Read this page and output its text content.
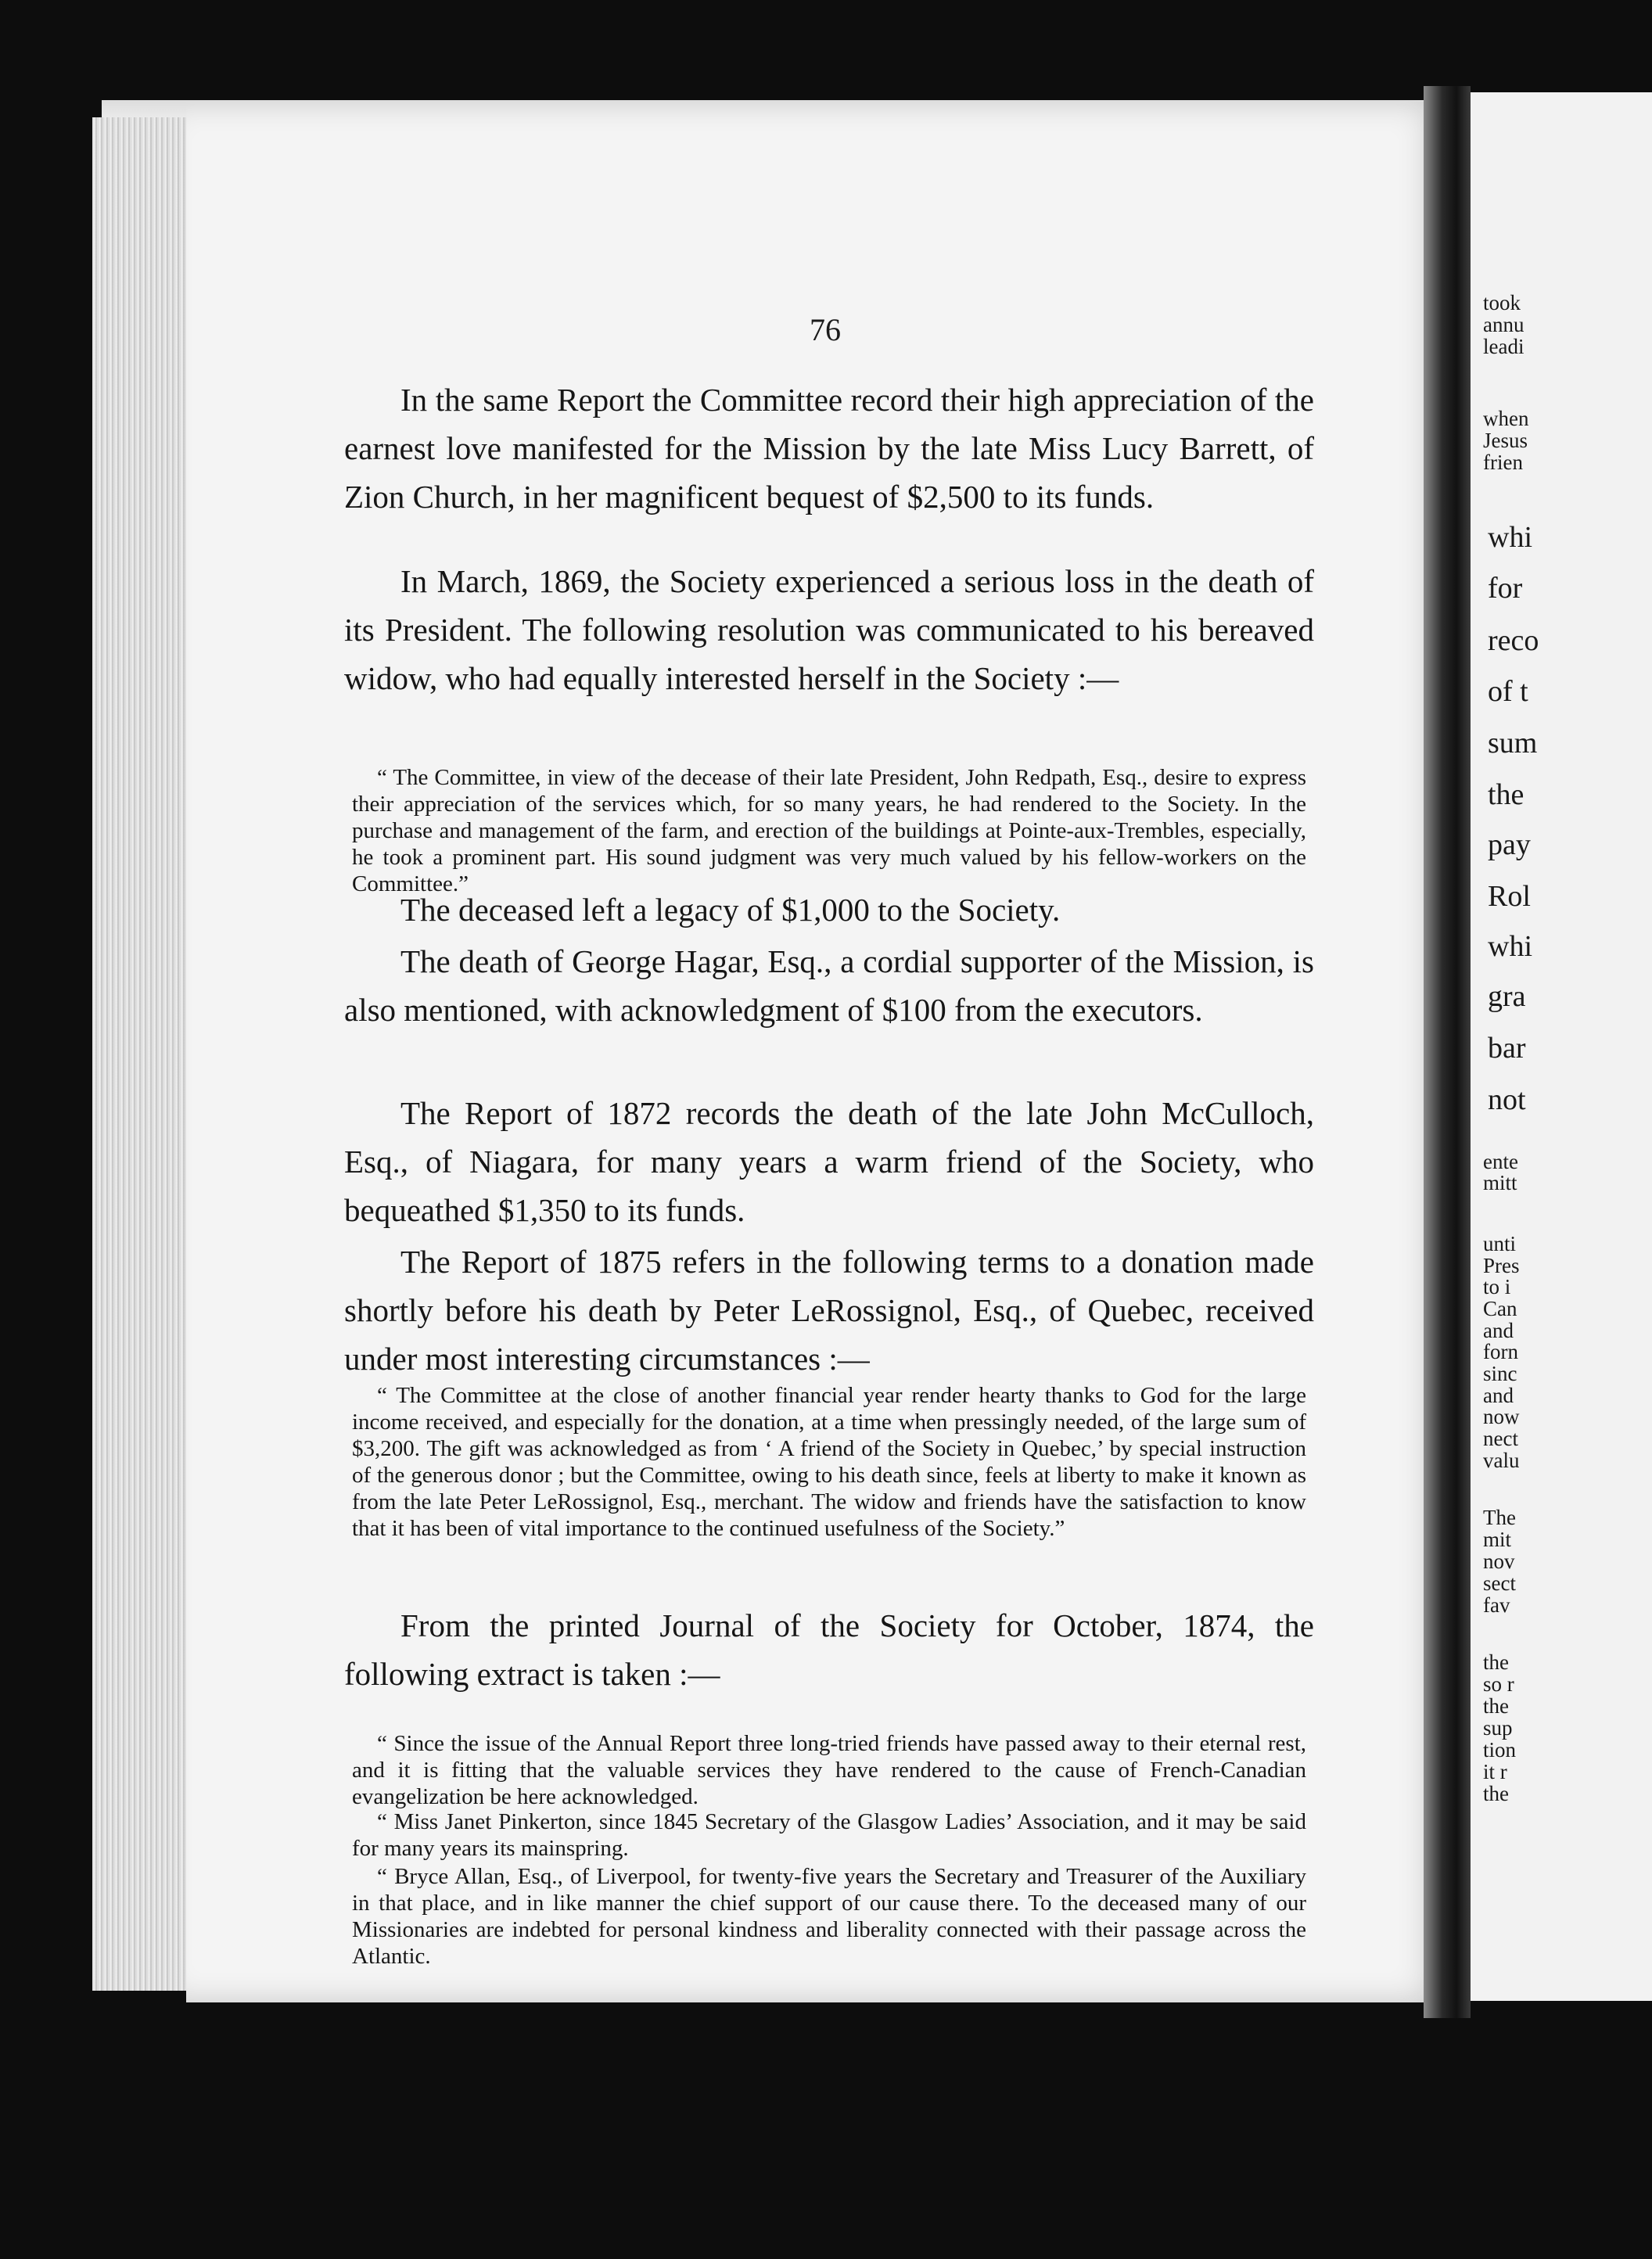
took
annu
leadi
when
Jesus
frien
whi
for
reco
of t
sum
the
pay
Rol
whi
gra
bar
not
ente
mitt
unti
Pres
to i
Can
and
forn
sinc
and
now
nect
valu
The
mit
nov
sect
fav
the
so r
the
sup
tion
it r
the
76

In the same Report the Committee record their high appreciation of the earnest love manifested for the Mission by the late Miss Lucy Barrett, of Zion Church, in her magnificent bequest of $2,500 to its funds.

In March, 1869, the Society experienced a serious loss in the death of its President. The following resolution was communicated to his bereaved widow, who had equally interested herself in the Society :—

“ The Committee, in view of the decease of their late President, John Redpath, Esq., desire to express their appreciation of the services which, for so many years, he had rendered to the Society. In the purchase and management of the farm, and erection of the buildings at Pointe-aux-Trembles, especially, he took a prominent part. His sound judgment was very much valued by his fellow-workers on the Committee.”

The deceased left a legacy of $1,000 to the Society.

The death of George Hagar, Esq., a cordial supporter of the Mission, is also mentioned, with acknowledgment of $100 from the executors.

The Report of 1872 records the death of the late John McCulloch, Esq., of Niagara, for many years a warm friend of the Society, who bequeathed $1,350 to its funds.

The Report of 1875 refers in the following terms to a donation made shortly before his death by Peter LeRossignol, Esq., of Quebec, received under most interesting circumstances :—

“ The Committee at the close of another financial year render hearty thanks to God for the large income received, and especially for the donation, at a time when pressingly needed, of the large sum of $3,200. The gift was acknowledged as from ‘ A friend of the Society in Quebec,’ by special instruction of the generous donor ; but the Committee, owing to his death since, feels at liberty to make it known as from the late Peter LeRossignol, Esq., merchant. The widow and friends have the satisfaction to know that it has been of vital importance to the continued usefulness of the Society.”

From the printed Journal of the Society for October, 1874, the following extract is taken :—

“ Since the issue of the Annual Report three long-tried friends have passed away to their eternal rest, and it is fitting that the valuable services they have rendered to the cause of French-Canadian evangelization be here acknowledged.

“ Miss Janet Pinkerton, since 1845 Secretary of the Glasgow Ladies’ Association, and it may be said for many years its mainspring.

“ Bryce Allan, Esq., of Liverpool, for twenty-five years the Secretary and Treasurer of the Auxiliary in that place, and in like manner the chief support of our cause there. To the deceased many of our Missionaries are indebted for personal kindness and liberality connected with their passage across the Atlantic.
